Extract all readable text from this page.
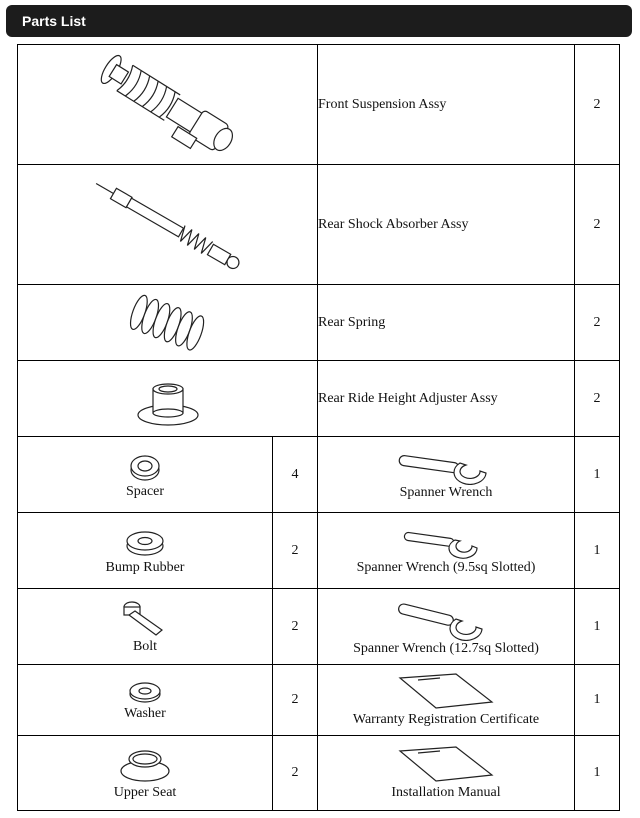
Parts List
	Front Suspension Assy	2

	Rear Shock Absorber Assy	2

	Rear Spring	2

	Rear Ride Height Adjuster Assy	2

Spacer	4	Spanner Wrench	1

Bump Rubber	2	Spanner Wrench (9.5sq Slotted)	1

Bolt	2	Spanner Wrench (12.7sq Slotted)	1

Washer	2	Warranty Registration Certificate	1

Upper Seat	2	Installation Manual	1
